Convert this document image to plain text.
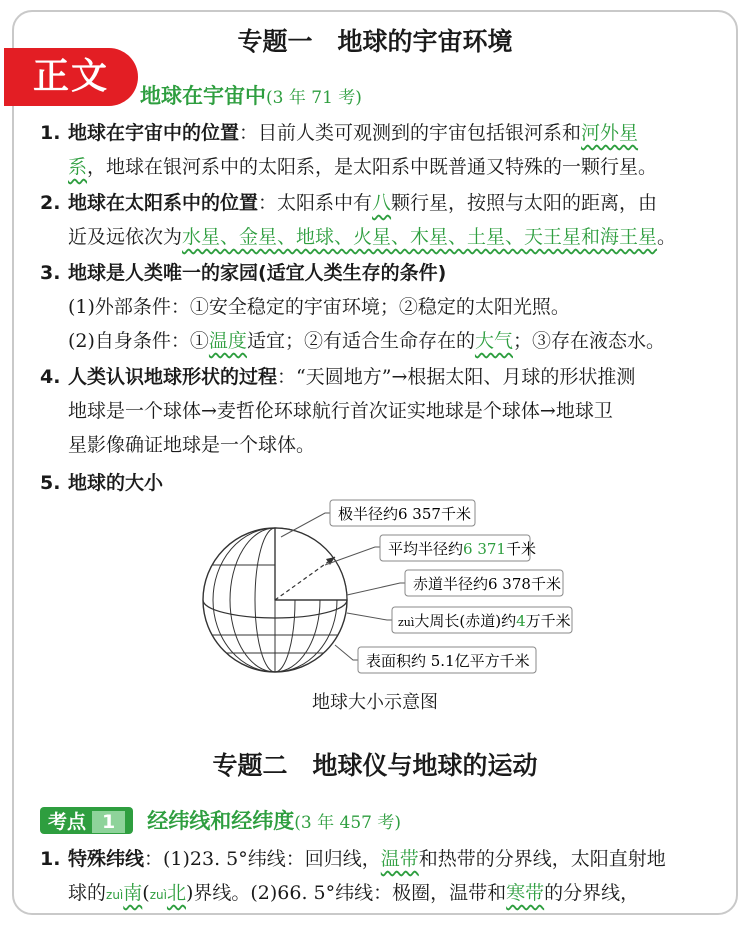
专题一　地球的宇宙环境
正文	地球在宇宙中(3 年 71 考)
1. 地球在宇宙中的位置：目前人类可观测到的宇宙包括银河系和河外星
系，地球在银河系中的太阳系，是太阳系中既普通又特殊的一颗行星。
2. 地球在太阳系中的位置：太阳系中有八颗行星，按照与太阳的距离，由
近及远依次为水星、金星、地球、火星、木星、土星、天王星和海王星。
3. 地球是人类唯一的家园(适宜人类生存的条件)
(1)外部条件：①安全稳定的宇宙环境；②稳定的太阳光照。
(2)自身条件：①温度适宜；②有适合生命存在的大气；③存在液态水。
4. 人类认识地球形状的过程：“天圆地方”→根据太阳、月球的形状推测
地球是一个球体→麦哲伦环球航行首次证实地球是个球体→地球卫
星影像确证地球是一个球体。
5. 地球的大小
极半径约6 357千米
平均半径约6 371千米
赤道半径约6 378千米
zuì大周长(赤道)约4万千米
表面积约 5.1亿平方千米
地球大小示意图
专题二　地球仪与地球的运动
考点 1 经纬线和经纬度(3 年 457 考)
1. 特殊纬线：(1)23. 5°纬线：回归线，温带和热带的分界线，太阳直射地
球的zuì南(zuì北)界线。(2)66. 5°纬线：极圈，温带和寒带的分界线，
